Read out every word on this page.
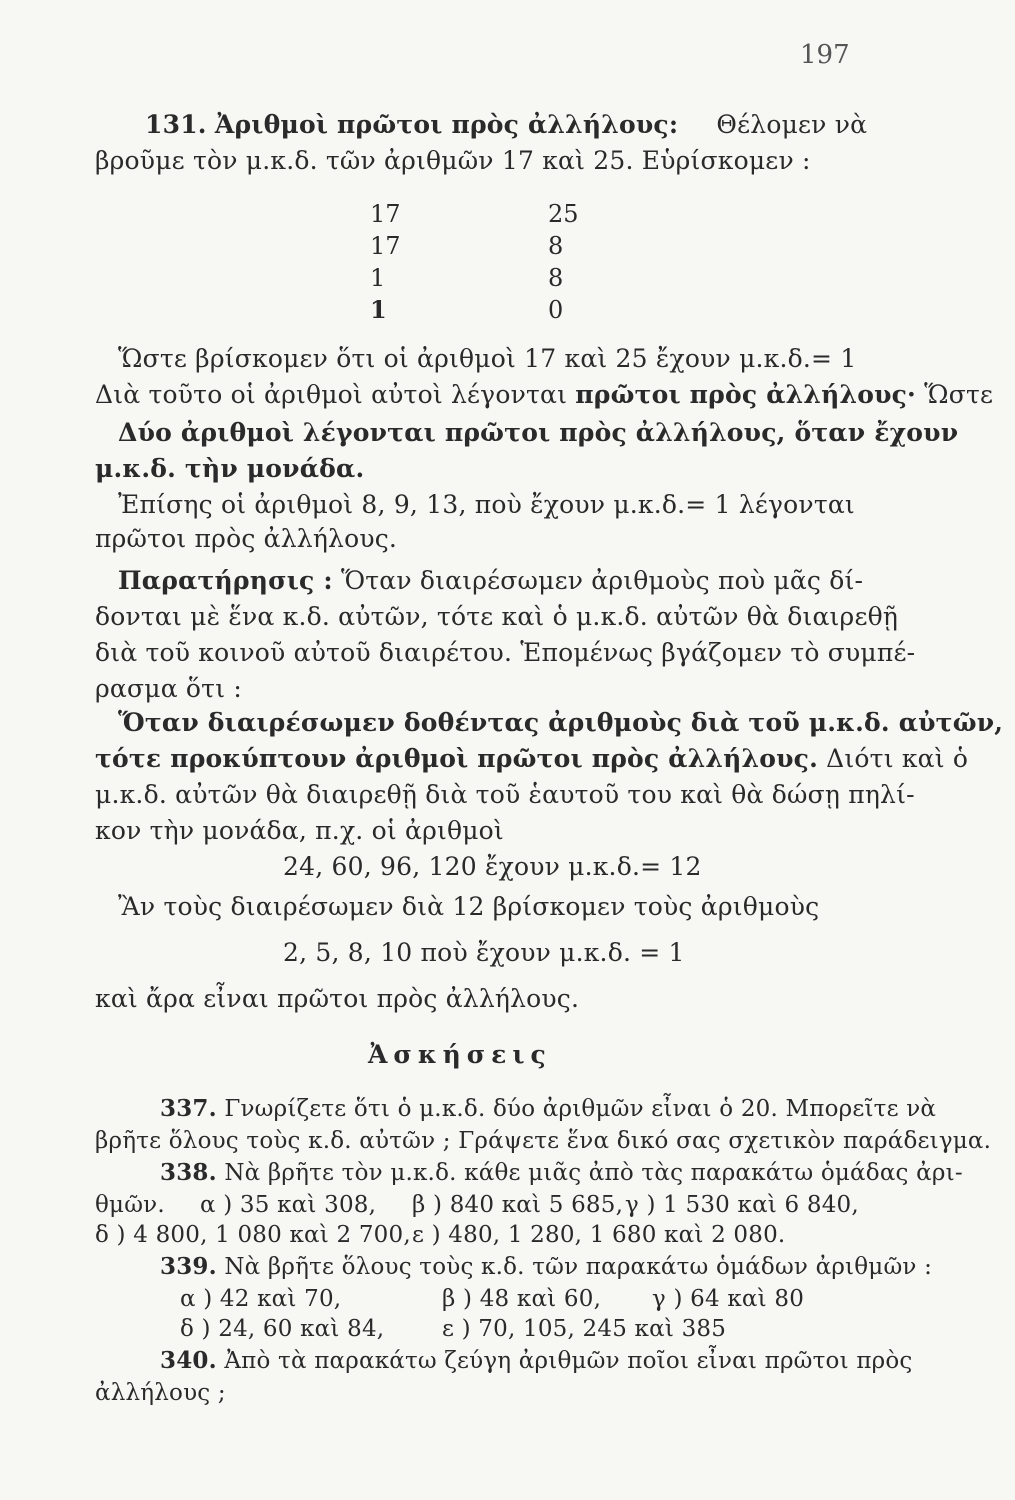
197
131. Ἀριθμοὶ πρῶτοι πρὸς ἀλλήλους: Θέλομεν νὰ
βροῦμε τὸν μ.κ.δ. τῶν ἀριθμῶν 17 καὶ 25. Εὑρίσκομεν :
17	25
17	8
1	8
1	0
Ὥστε βρίσκομεν ὅτι οἱ ἀριθμοὶ 17 καὶ 25 ἔχουν μ.κ.δ.= 1
Διὰ τοῦτο οἱ ἀριθμοὶ αὐτοὶ λέγονται πρῶτοι πρὸς ἀλλήλους· Ὥστε
Δύο ἀριθμοὶ λέγονται πρῶτοι πρὸς ἀλλήλους, ὅταν ἔχουν
μ.κ.δ. τὴν μονάδα.
Ἐπίσης οἱ ἀριθμοὶ 8, 9, 13, ποὺ ἔχουν μ.κ.δ.= 1 λέγονται
πρῶτοι πρὸς ἀλλήλους.
Παρατήρησις : Ὅταν διαιρέσωμεν ἀριθμοὺς ποὺ μᾶς δί-
δονται μὲ ἕνα κ.δ. αὐτῶν, τότε καὶ ὁ μ.κ.δ. αὐτῶν θὰ διαιρεθῇ
διὰ τοῦ κοινοῦ αὐτοῦ διαιρέτου. Ἑπομένως βγάζομεν τὸ συμπέ-
ρασμα ὅτι :
Ὅταν διαιρέσωμεν δοθέντας ἀριθμοὺς διὰ τοῦ μ.κ.δ. αὐτῶν,
τότε προκύπτουν ἀριθμοὶ πρῶτοι πρὸς ἀλλήλους. Διότι καὶ ὁ
μ.κ.δ. αὐτῶν θὰ διαιρεθῇ διὰ τοῦ ἑαυτοῦ του καὶ θὰ δώσῃ πηλί-
κον τὴν μονάδα, π.χ. οἱ ἀριθμοὶ
24, 60, 96, 120 ἔχουν μ.κ.δ.= 12
Ἂν τοὺς διαιρέσωμεν διὰ 12 βρίσκομεν τοὺς ἀριθμοὺς
2, 5, 8, 10 ποὺ ἔχουν μ.κ.δ. = 1
καὶ ἄρα εἶναι πρῶτοι πρὸς ἀλλήλους.
Ἀσκήσεις
337. Γνωρίζετε ὅτι ὁ μ.κ.δ. δύο ἀριθμῶν εἶναι ὁ 20. Μπορεῖτε νὰ
βρῆτε ὅλους τοὺς κ.δ. αὐτῶν ; Γράψετε ἕνα δικό σας σχετικὸν παράδειγμα.
338. Νὰ βρῆτε τὸν μ.κ.δ. κάθε μιᾶς ἀπὸ τὰς παρακάτω ὁμάδας ἀρι-
θμῶν. α ) 35 καὶ 308, β ) 840 καὶ 5 685, γ ) 1 530 καὶ 6 840,
δ ) 4 800, 1 080 καὶ 2 700, ε ) 480, 1 280, 1 680 καὶ 2 080.
339. Νὰ βρῆτε ὅλους τοὺς κ.δ. τῶν παρακάτω ὁμάδων ἀριθμῶν :
α ) 42 καὶ 70,	β ) 48 καὶ 60, γ ) 64 καὶ 80
δ ) 24, 60 καὶ 84,	ε ) 70, 105, 245 καὶ 385
340. Ἀπὸ τὰ παρακάτω ζεύγη ἀριθμῶν ποῖοι εἶναι πρῶτοι πρὸς
ἀλλήλους ;
